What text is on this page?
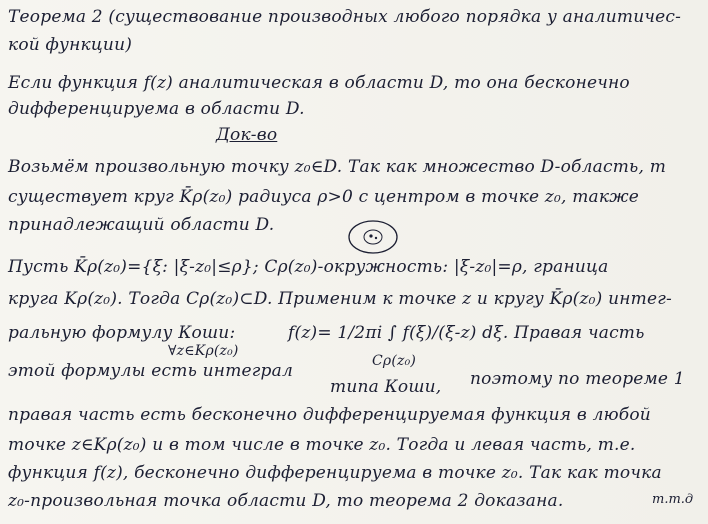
Теорема 2 (существование производных любого порядка у аналитичес-
кой функции)
Если функция f(z) аналитическая в области D, то она бесконечно
дифференцируема в области D.
Док-во
Возьмём произвольную точку z₀∈D. Так как множество D-область, т
существует круг K̄ρ(z₀) радиуса ρ>0 с центром в точке z₀, также
принадлежащий области D.
Пусть K̄ρ(z₀)={ξ: |ξ-z₀|≤ρ}; Cρ(z₀)-окружность: |ξ-z₀|=ρ, граница
круга Kρ(z₀). Тогда Cρ(z₀)⊂D. Применим к точке z и кругу K̄ρ(z₀) интег-
ральную формулу Коши:	f(z)= 1/2πi ∫ f(ξ)/(ξ-z) dξ. Правая часть
∀z∈Kρ(z₀)
Cρ(z₀)
этой формулы есть интеграл
типа Коши,	поэтому по теореме 1
правая часть есть бесконечно дифференцируемая функция в любой
точке z∈Kρ(z₀) и в том числе в точке z₀. Тогда и левая часть, т.е.
функция f(z), бесконечно дифференцируема в точке z₀. Так как точка
z₀-произвольная точка области D, то теорема 2 доказана.	т.т.д
